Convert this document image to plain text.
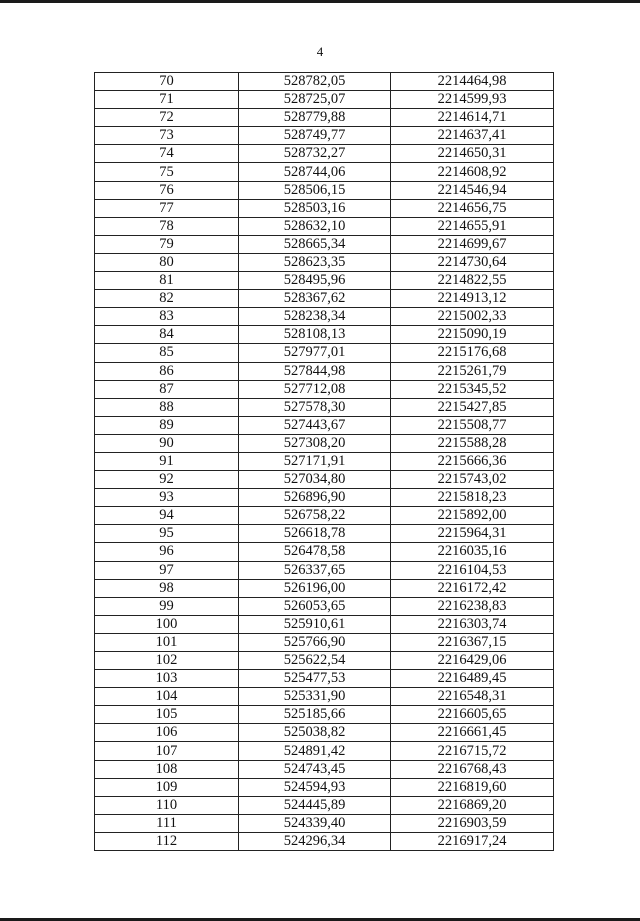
4
70	528782,05	2214464,98
71	528725,07	2214599,93
72	528779,88	2214614,71
73	528749,77	2214637,41
74	528732,27	2214650,31
75	528744,06	2214608,92
76	528506,15	2214546,94
77	528503,16	2214656,75
78	528632,10	2214655,91
79	528665,34	2214699,67
80	528623,35	2214730,64
81	528495,96	2214822,55
82	528367,62	2214913,12
83	528238,34	2215002,33
84	528108,13	2215090,19
85	527977,01	2215176,68
86	527844,98	2215261,79
87	527712,08	2215345,52
88	527578,30	2215427,85
89	527443,67	2215508,77
90	527308,20	2215588,28
91	527171,91	2215666,36
92	527034,80	2215743,02
93	526896,90	2215818,23
94	526758,22	2215892,00
95	526618,78	2215964,31
96	526478,58	2216035,16
97	526337,65	2216104,53
98	526196,00	2216172,42
99	526053,65	2216238,83
100	525910,61	2216303,74
101	525766,90	2216367,15
102	525622,54	2216429,06
103	525477,53	2216489,45
104	525331,90	2216548,31
105	525185,66	2216605,65
106	525038,82	2216661,45
107	524891,42	2216715,72
108	524743,45	2216768,43
109	524594,93	2216819,60
110	524445,89	2216869,20
111	524339,40	2216903,59
112	524296,34	2216917,24
